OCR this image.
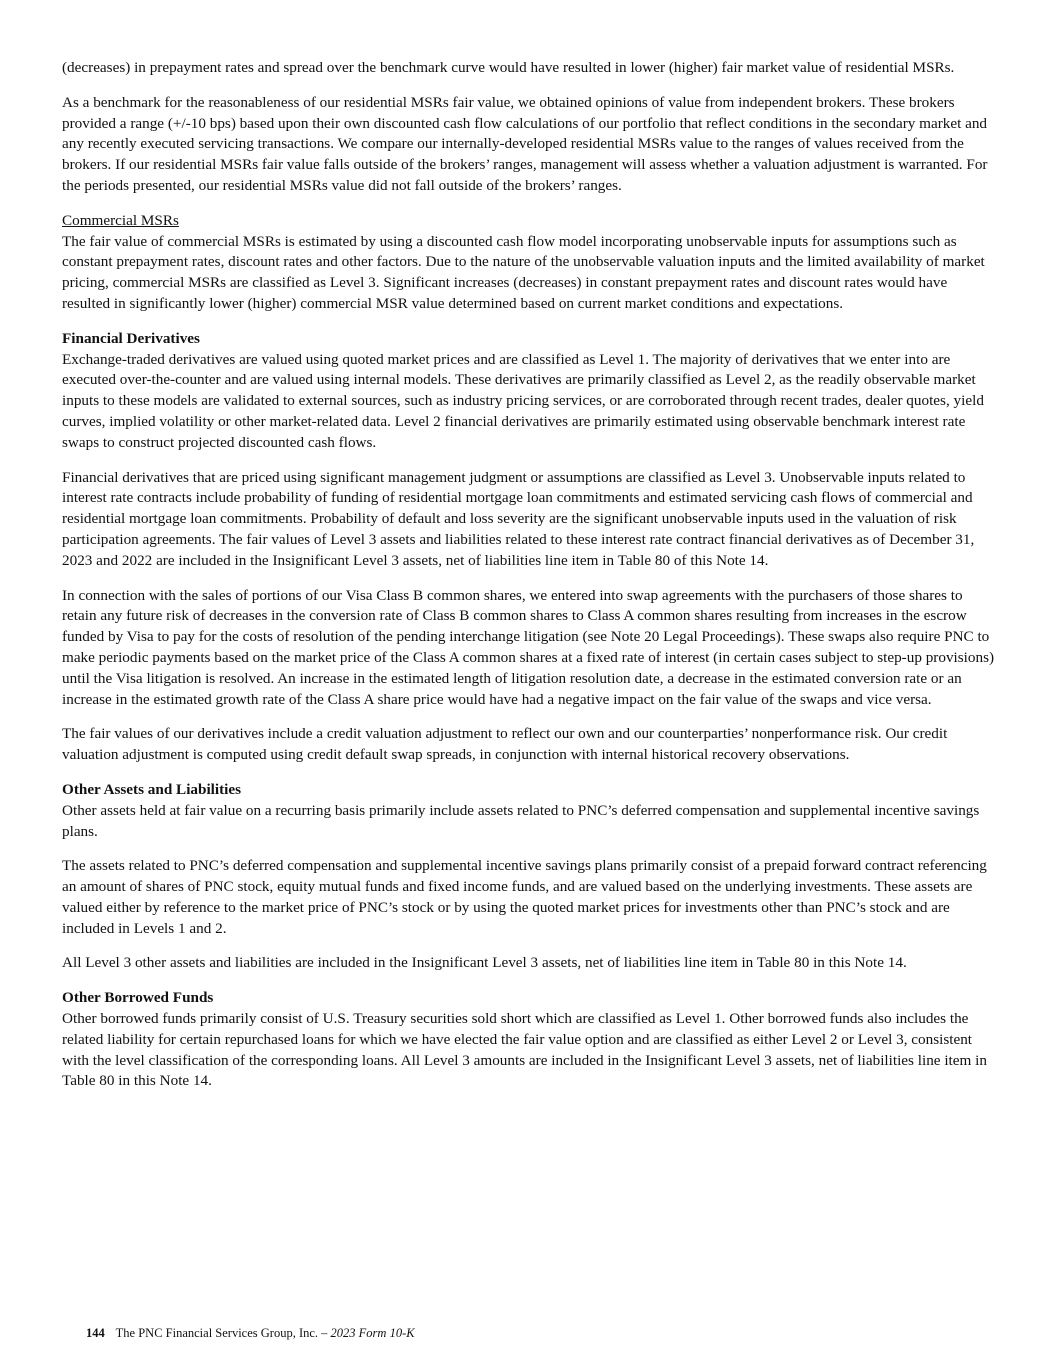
(decreases) in prepayment rates and spread over the benchmark curve would have resulted in lower (higher) fair market value of residential MSRs.

As a benchmark for the reasonableness of our residential MSRs fair value, we obtained opinions of value from independent brokers. These brokers provided a range (+/-10 bps) based upon their own discounted cash flow calculations of our portfolio that reflect conditions in the secondary market and any recently executed servicing transactions. We compare our internally-developed residential MSRs value to the ranges of values received from the brokers. If our residential MSRs fair value falls outside of the brokers’ ranges, management will assess whether a valuation adjustment is warranted. For the periods presented, our residential MSRs value did not fall outside of the brokers’ ranges.

Commercial MSRs
The fair value of commercial MSRs is estimated by using a discounted cash flow model incorporating unobservable inputs for assumptions such as constant prepayment rates, discount rates and other factors. Due to the nature of the unobservable valuation inputs and the limited availability of market pricing, commercial MSRs are classified as Level 3. Significant increases (decreases) in constant prepayment rates and discount rates would have resulted in significantly lower (higher) commercial MSR value determined based on current market conditions and expectations.

Financial Derivatives
Exchange-traded derivatives are valued using quoted market prices and are classified as Level 1. The majority of derivatives that we enter into are executed over-the-counter and are valued using internal models. These derivatives are primarily classified as Level 2, as the readily observable market inputs to these models are validated to external sources, such as industry pricing services, or are corroborated through recent trades, dealer quotes, yield curves, implied volatility or other market-related data. Level 2 financial derivatives are primarily estimated using observable benchmark interest rate swaps to construct projected discounted cash flows.

Financial derivatives that are priced using significant management judgment or assumptions are classified as Level 3. Unobservable inputs related to interest rate contracts include probability of funding of residential mortgage loan commitments and estimated servicing cash flows of commercial and residential mortgage loan commitments. Probability of default and loss severity are the significant unobservable inputs used in the valuation of risk participation agreements. The fair values of Level 3 assets and liabilities related to these interest rate contract financial derivatives as of December 31, 2023 and 2022 are included in the Insignificant Level 3 assets, net of liabilities line item in Table 80 of this Note 14.

In connection with the sales of portions of our Visa Class B common shares, we entered into swap agreements with the purchasers of those shares to retain any future risk of decreases in the conversion rate of Class B common shares to Class A common shares resulting from increases in the escrow funded by Visa to pay for the costs of resolution of the pending interchange litigation (see Note 20 Legal Proceedings). These swaps also require PNC to make periodic payments based on the market price of the Class A common shares at a fixed rate of interest (in certain cases subject to step-up provisions) until the Visa litigation is resolved. An increase in the estimated length of litigation resolution date, a decrease in the estimated conversion rate or an increase in the estimated growth rate of the Class A share price would have had a negative impact on the fair value of the swaps and vice versa.

The fair values of our derivatives include a credit valuation adjustment to reflect our own and our counterparties’ nonperformance risk. Our credit valuation adjustment is computed using credit default swap spreads, in conjunction with internal historical recovery observations.

Other Assets and Liabilities
Other assets held at fair value on a recurring basis primarily include assets related to PNC’s deferred compensation and supplemental incentive savings plans.

The assets related to PNC’s deferred compensation and supplemental incentive savings plans primarily consist of a prepaid forward contract referencing an amount of shares of PNC stock, equity mutual funds and fixed income funds, and are valued based on the underlying investments. These assets are valued either by reference to the market price of PNC’s stock or by using the quoted market prices for investments other than PNC’s stock and are included in Levels 1 and 2.

All Level 3 other assets and liabilities are included in the Insignificant Level 3 assets, net of liabilities line item in Table 80 in this Note 14.

Other Borrowed Funds
Other borrowed funds primarily consist of U.S. Treasury securities sold short which are classified as Level 1. Other borrowed funds also includes the related liability for certain repurchased loans for which we have elected the fair value option and are classified as either Level 2 or Level 3, consistent with the level classification of the corresponding loans. All Level 3 amounts are included in the Insignificant Level 3 assets, net of liabilities line item in Table 80 in this Note 14.

144 The PNC Financial Services Group, Inc. – 2023 Form 10-K
